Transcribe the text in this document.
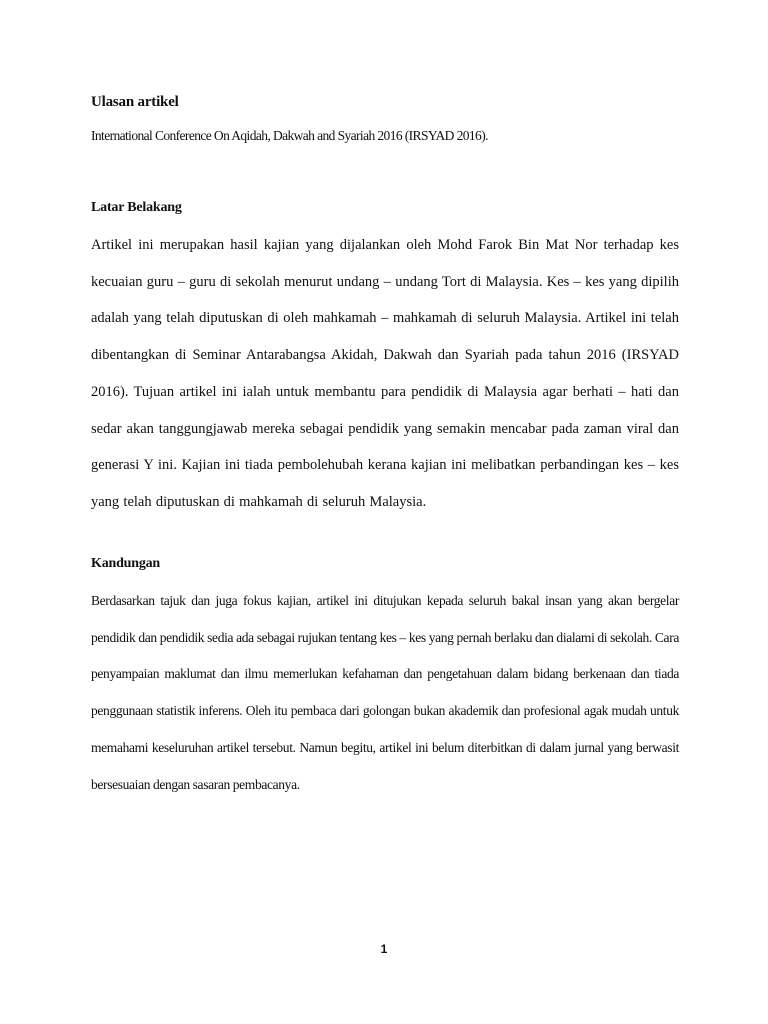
Ulasan artikel

International Conference On Aqidah, Dakwah and Syariah 2016 (IRSYAD 2016).

Latar Belakang

Artikel ini merupakan hasil kajian yang dijalankan oleh Mohd Farok Bin Mat Nor terhadap kes kecuaian guru – guru di sekolah menurut undang – undang Tort di Malaysia. Kes – kes yang dipilih adalah yang telah diputuskan di oleh mahkamah – mahkamah di seluruh Malaysia. Artikel ini telah dibentangkan di Seminar Antarabangsa Akidah, Dakwah dan Syariah pada tahun 2016 (IRSYAD 2016). Tujuan artikel ini ialah untuk membantu para pendidik di Malaysia agar berhati – hati dan sedar akan tanggungjawab mereka sebagai pendidik yang semakin mencabar pada zaman viral dan generasi Y ini. Kajian ini tiada pembolehubah kerana kajian ini melibatkan perbandingan kes – kes yang telah diputuskan di mahkamah di seluruh Malaysia.

Kandungan

Berdasarkan tajuk dan juga fokus kajian, artikel ini ditujukan kepada seluruh bakal insan yang akan bergelar pendidik dan pendidik sedia ada sebagai rujukan tentang kes – kes yang pernah berlaku dan dialami di sekolah. Cara penyampaian maklumat dan ilmu memerlukan kefahaman dan pengetahuan dalam bidang berkenaan dan tiada penggunaan statistik inferens. Oleh itu pembaca dari golongan bukan akademik dan profesional agak mudah untuk memahami keseluruhan artikel tersebut. Namun begitu, artikel ini belum diterbitkan di dalam jurnal yang berwasit bersesuaian dengan sasaran pembacanya.

1
